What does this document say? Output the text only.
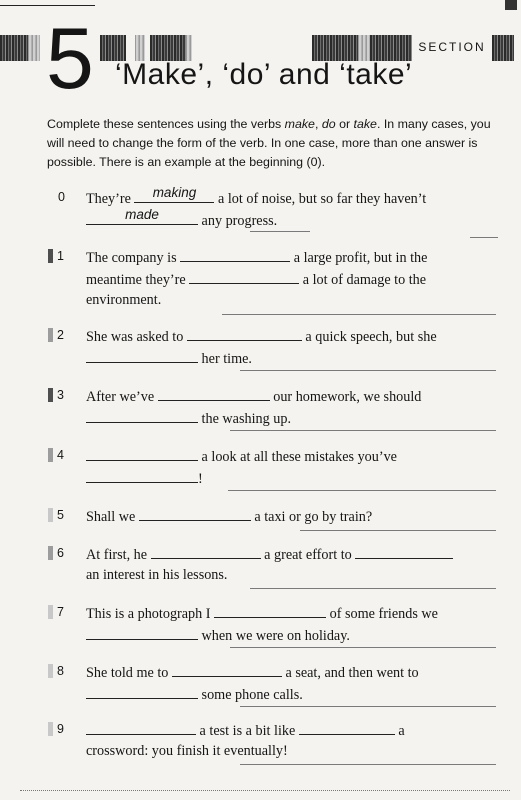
SECTION
5 ‘Make’, ‘do’ and ‘take’
Complete these sentences using the verbs make, do or take. In many cases, you will need to change the form of the verb. In one case, more than one answer is possible. There is an example at the beginning (0).
0 They’re	making	a lot of noise, but so far they haven’t

made	any progress.
1 The company is	a large profit, but in the
meantime they’re	a lot of damage to the
environment.
2 She was asked to	a quick speech, but she
her time.
3 After we’ve	our homework, we should
the washing up.
4	a look at all these mistakes you’ve
!
5 Shall we	a taxi or go by train?
6 At first, he	a great effort to
an interest in his lessons.
7 This is a photograph I	of some friends we
when we were on holiday.
8 She told me to	a seat, and then went to
some phone calls.
9	a test is a bit like	a
crossword: you finish it eventually!
